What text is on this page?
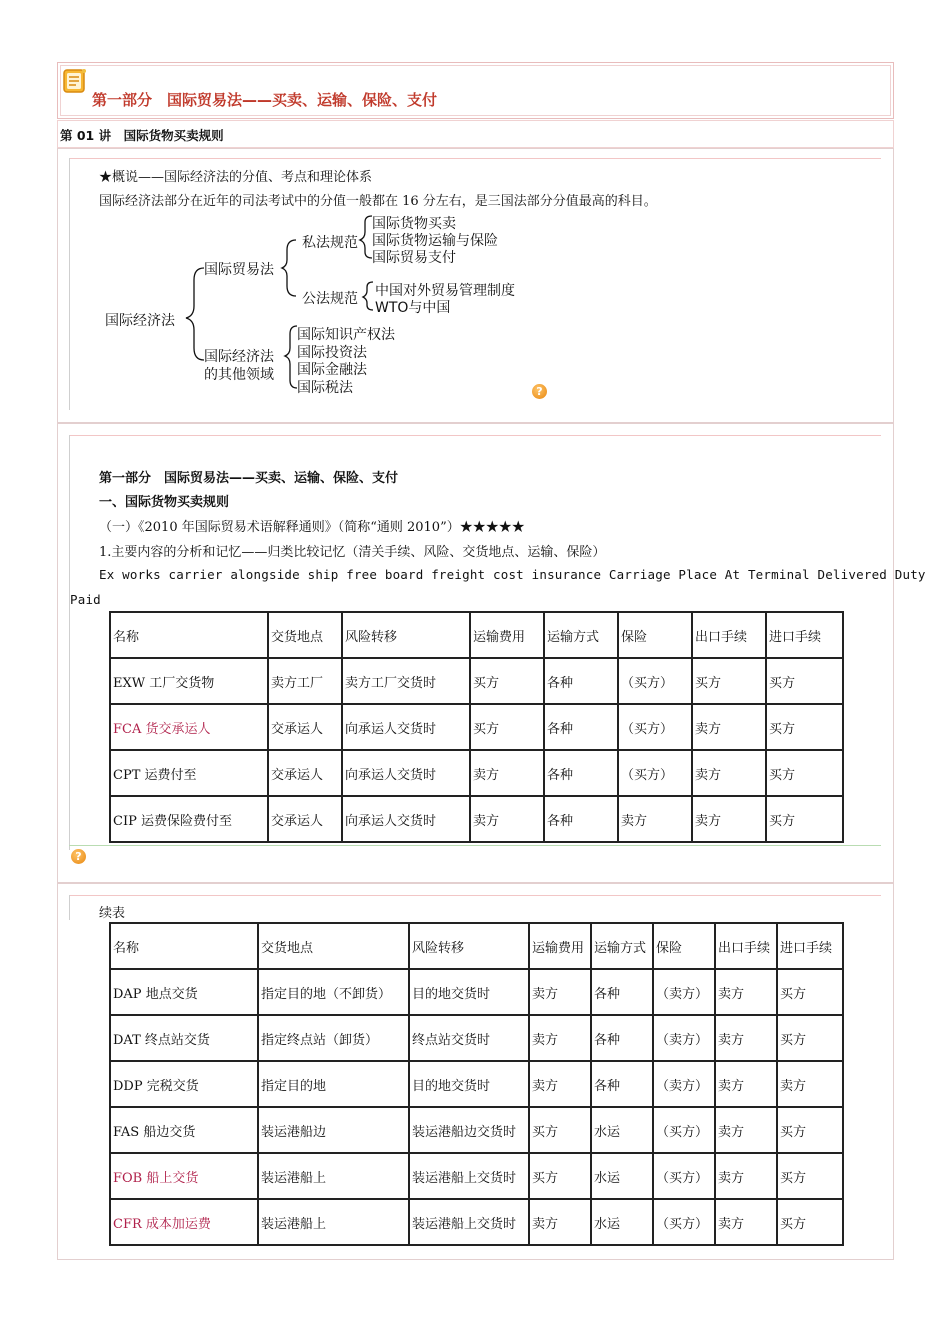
第一部分　国际贸易法——买卖、运输、保险、支付
第 01 讲　国际货物买卖规则
★概说——国际经济法的分值、考点和理论体系
国际经济法部分在近年的司法考试中的分值一般都在 16 分左右，是三国法部分分值最高的科目。
国际经济法
国际贸易法
私法规范
国际货物买卖
国际货物运输与保险
国际贸易支付
公法规范 中国对外贸易管理制度
WTO与中国
国际经济法
的其他领域
国际知识产权法
国际投资法
国际金融法
国际税法	?
第一部分　国际贸易法——买卖、运输、保险、支付
一、国际货物买卖规则
（一）《2010 年国际贸易术语解释通则》（简称“通则 2010”）★★★★★
1.主要内容的分析和记忆——归类比较记忆（清关手续、风险、交货地点、运输、保险）
Ex works carrier alongside ship free board freight cost insurance Carriage Place At Terminal Delivered Duty
Paid
名称	交货地点	风险转移	运输费用	运输方式	保险	出口手续	进口手续
EXW 工厂交货物	卖方工厂	卖方工厂交货时	买方	各种	（买方）	买方	买方
FCA 货交承运人	交承运人	向承运人交货时	买方	各种	（买方）	卖方	买方
CPT 运费付至	交承运人	向承运人交货时	卖方	各种	（买方）	卖方	买方
CIP 运费保险费付至	交承运人	向承运人交货时	卖方	各种	卖方	卖方	买方
?
续表
名称	交货地点	风险转移	运输费用	运输方式	保险	出口手续	进口手续
DAP 地点交货	指定目的地（不卸货）	目的地交货时	卖方	各种	（卖方）	卖方	买方
DAT 终点站交货	指定终点站（卸货）	终点站交货时	卖方	各种	（卖方）	卖方	买方
DDP 完税交货	指定目的地	目的地交货时	卖方	各种	（卖方）	卖方	卖方
FAS 船边交货	装运港船边	装运港船边交货时	买方	水运	（买方）	卖方	买方
FOB 船上交货	装运港船上	装运港船上交货时	买方	水运	（买方）	卖方	买方
CFR 成本加运费	装运港船上	装运港船上交货时	卖方	水运	（买方）	卖方	买方
